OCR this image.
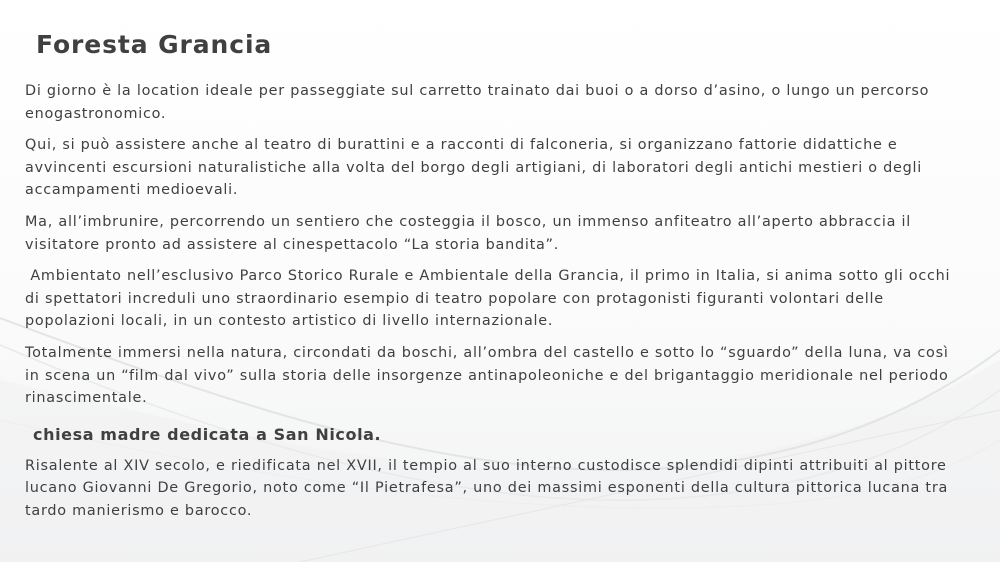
Foresta Grancia

Di giorno è la location ideale per passeggiate sul carretto trainato dai buoi o a dorso d’asino, o lungo un percorso enogastronomico.

Qui, si può assistere anche al teatro di burattini e a racconti di falconeria, si organizzano fattorie didattiche e avvincenti escursioni naturalistiche alla volta del borgo degli artigiani, di laboratori degli antichi mestieri o degli accampamenti medioevali.

Ma, all’imbrunire, percorrendo un sentiero che costeggia il bosco, un immenso anfiteatro all’aperto abbraccia il visitatore pronto ad assistere al cinespettacolo “La storia bandita”.

Ambientato nell’esclusivo Parco Storico Rurale e Ambientale della Grancia, il primo in Italia, si anima sotto gli occhi di spettatori increduli uno straordinario esempio di teatro popolare con protagonisti figuranti volontari delle popolazioni locali, in un contesto artistico di livello internazionale.

Totalmente immersi nella natura, circondati da boschi, all’ombra del castello e sotto lo “sguardo” della luna, va così in scena un “film dal vivo” sulla storia delle insorgenze antinapoleoniche e del brigantaggio meridionale nel periodo rinascimentale.

chiesa madre dedicata a San Nicola.

Risalente al XIV secolo, e riedificata nel XVII, il tempio al suo interno custodisce splendidi dipinti attribuiti al pittore lucano Giovanni De Gregorio, noto come “Il Pietrafesa”, uno dei massimi esponenti della cultura pittorica lucana tra tardo manierismo e barocco.
